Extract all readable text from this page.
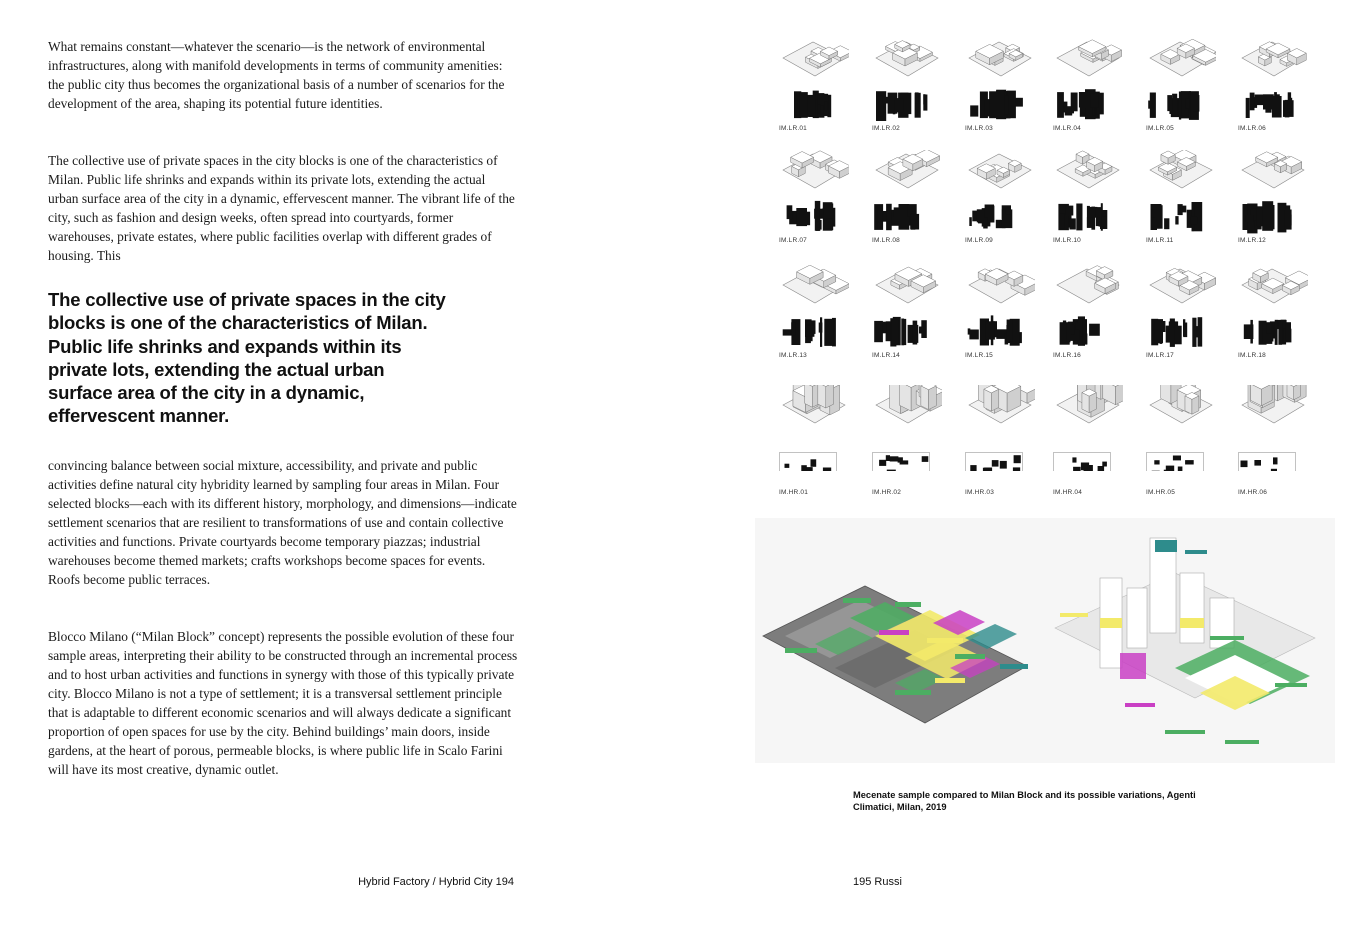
What remains constant—whatever the scenario—is the network of environmental infrastructures, along with manifold developments in terms of community amenities: the public city thus becomes the organizational basis of a number of scenarios for the development of the area, shaping its potential future identities.

The collective use of private spaces in the city blocks is one of the characteristics of Milan. Public life shrinks and expands within its private lots, extending the actual urban surface area of the city in a dynamic, effervescent manner. The vibrant life of the city, such as fashion and design weeks, often spread into courtyards, former warehouses, private estates, where public facilities overlap with different grades of housing. This

The collective use of private spaces in the city blocks is one of the characteristics of Milan. Public life shrinks and expands within its private lots, extending the actual urban surface area of the city in a dynamic, effervescent manner.

convincing balance between social mixture, accessibility, and private and public activities define natural city hybridity learned by sampling four areas in Milan. Four selected blocks—each with its different history, morphology, and dimensions—indicate settlement scenarios that are resilient to transformations of use and contain collective activities and functions. Private courtyards become temporary piazzas; industrial warehouses become themed markets; crafts workshops become spaces for events. Roofs become public terraces.

Blocco Milano (“Milan Block” concept) represents the possible evolution of these four sample areas, interpreting their ability to be constructed through an incremental process and to host urban activities and functions in synergy with those of this typically private city. Blocco Milano is not a type of settlement; it is a transversal settlement principle that is adaptable to different economic scenarios and will always dedicate a significant proportion of open spaces for use by the city. Behind buildings’ main doors, inside gardens, at the heart of porous, permeable blocks, is where public life in Scalo Farini will have its most creative, dynamic outlet.

Hybrid Factory / Hybrid City 194
IM.LR.01	IM.LR.02	IM.LR.03	IM.LR.04	IM.LR.05	IM.LR.06
IM.LR.07	IM.LR.08	IM.LR.09	IM.LR.10	IM.LR.11	IM.LR.12
IM.LR.13	IM.LR.14	IM.LR.15	IM.LR.16	IM.LR.17	IM.LR.18
IM.HR.01	IM.HR.02	IM.HR.03	IM.HR.04	IM.HR.05	IM.HR.06

Mecenate sample compared to Milan Block and its possible variations, Agenti Climatici, Milan, 2019

195 Russi
